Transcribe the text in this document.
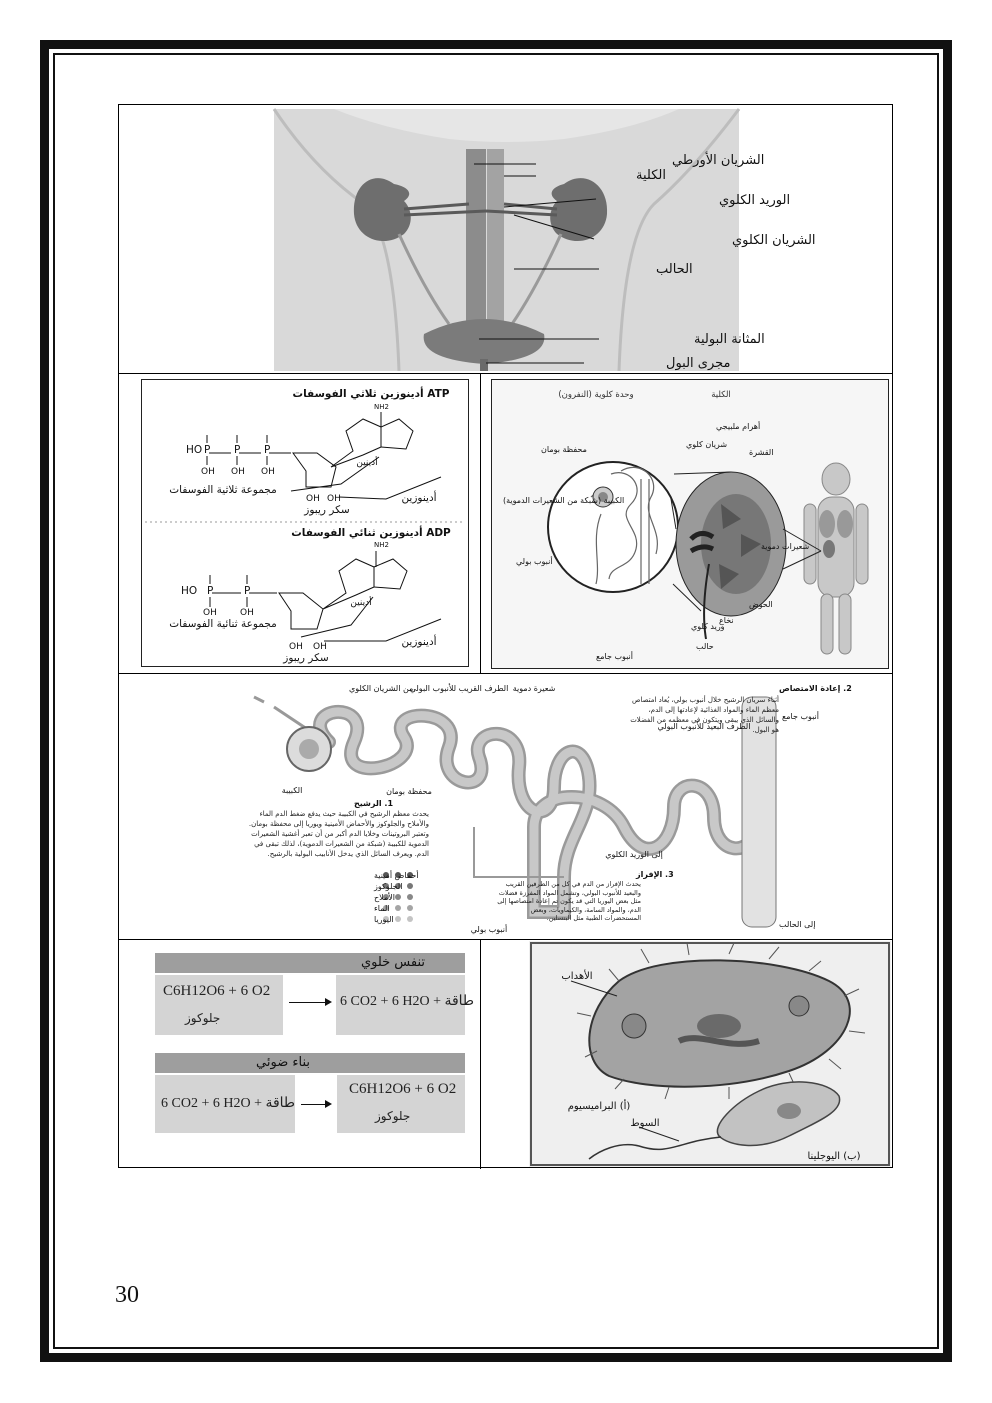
الشريان الأورطي
الكلية
الوريد الكلوي
الشريان الكلوي
الحالب
المثانة البولية
مجرى البول
أدينوزين ثلاثي الفوسفات ATP
NH2
HO P P P
OH OH OH
OH OH
أدينين
مجموعة ثلاثية الفوسفات
أدينوزين
سكر ريبوز
أدينوزين ثنائي الفوسفات ADP
NH2
HO P	P
OH	OH
OH OH
أدينين
مجموعة ثنائية الفوسفات
أدينوزين
سكر ريبوز
وحدة كلوية (النفرون)	الكلية
محفظة بومان
الكبيبة (شبكة من الشعيرات الدموية)
أنبوب بولي
أنبوب جامع
أهرام ملبيجي
شريان كلوي
القشرة
شعيرات دموية
الحوض
نخاع
وريد كلوي
حالب
من الشريان الكلوي
الطرف القريب للأنبوب البولي شعيرة دموية	2. إعادة الامتصاص
الطرف البعيد للأنبوب البولي
أنبوب جامع
الكبيبة	محفظة بومان
1. الرشيح
إلى الوريد الكلوي
3. الإفراز
إلى الحالب
أنبوب بولي
أحماض أمينية
الجلوكوز
الأملاح
الماء
اليوريا
أثناء سريان الرشيح خلال أنبوب بولي، يُعاد امتصاص معظم الماء والمواد الغذائية لإعادتها إلى الدم، والسائل الذي يبقى ويتكون في معظمه من الفضلات هو البول.
يحدث معظم الرشيح في الكبيبة حيث يدفع ضغط الدم الماء والأملاح والجلوكوز والأحماض الأمينية ويوريا إلى محفظة بومان. وتعتبر البروتينات وخلايا الدم أكبر من أن تعبر أغشية الشعيرات الدموية للكبيبة (شبكة من الشعيرات الدموية)، لذلك تبقى في الدم. ويعرف السائل الذي يدخل الأنابيب البولية بالرشيح.
يحدث الإفراز من الدم في كل من الطرفين القريب والبعيد للأنبوب البولي، وتشمل المواد المفرزة فضلات مثل بعض اليوريا التي قد يكون تم إعادة امتصاصها إلى الدم، والمواد السامة، والكيماويات، وبعض المستحضرات الطبية مثل البنسلين.
تنفس خلوي
C6H12O6 + 6 O2
جلوكوز
6 CO2 + 6 H2O + طاقة
بناء ضوئي
6 CO2 + 6 H2O + طاقة
C6H12O6 + 6 O2
جلوكوز
الأهداب
(أ) البراميسيوم
السوط
(ب) اليوجلينا
30
